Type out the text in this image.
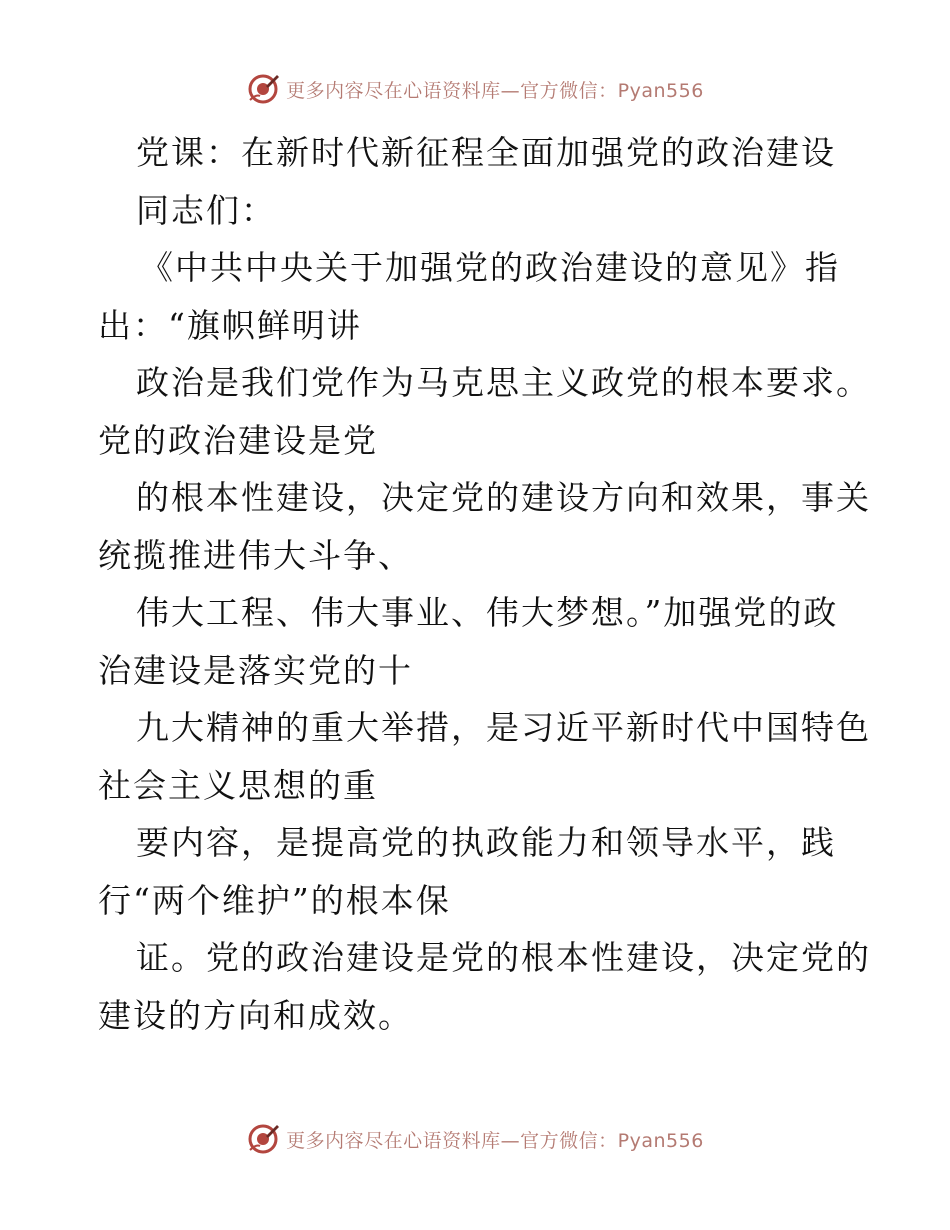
更多内容尽在心语资料库—官方微信：Pyan556
党课：在新时代新征程全面加强党的政治建设
同志们：
《中共中央关于加强党的政治建设的意见》指
出：“旗帜鲜明讲
政治是我们党作为马克思主义政党的根本要求。
党的政治建设是党
的根本性建设，决定党的建设方向和效果，事关
统揽推进伟大斗争、
伟大工程、伟大事业、伟大梦想。”加强党的政
治建设是落实党的十
九大精神的重大举措，是习近平新时代中国特色
社会主义思想的重
要内容，是提高党的执政能力和领导水平，践
行“两个维护”的根本保
证。党的政治建设是党的根本性建设，决定党的
建设的方向和成效。
更多内容尽在心语资料库—官方微信：Pyan556
